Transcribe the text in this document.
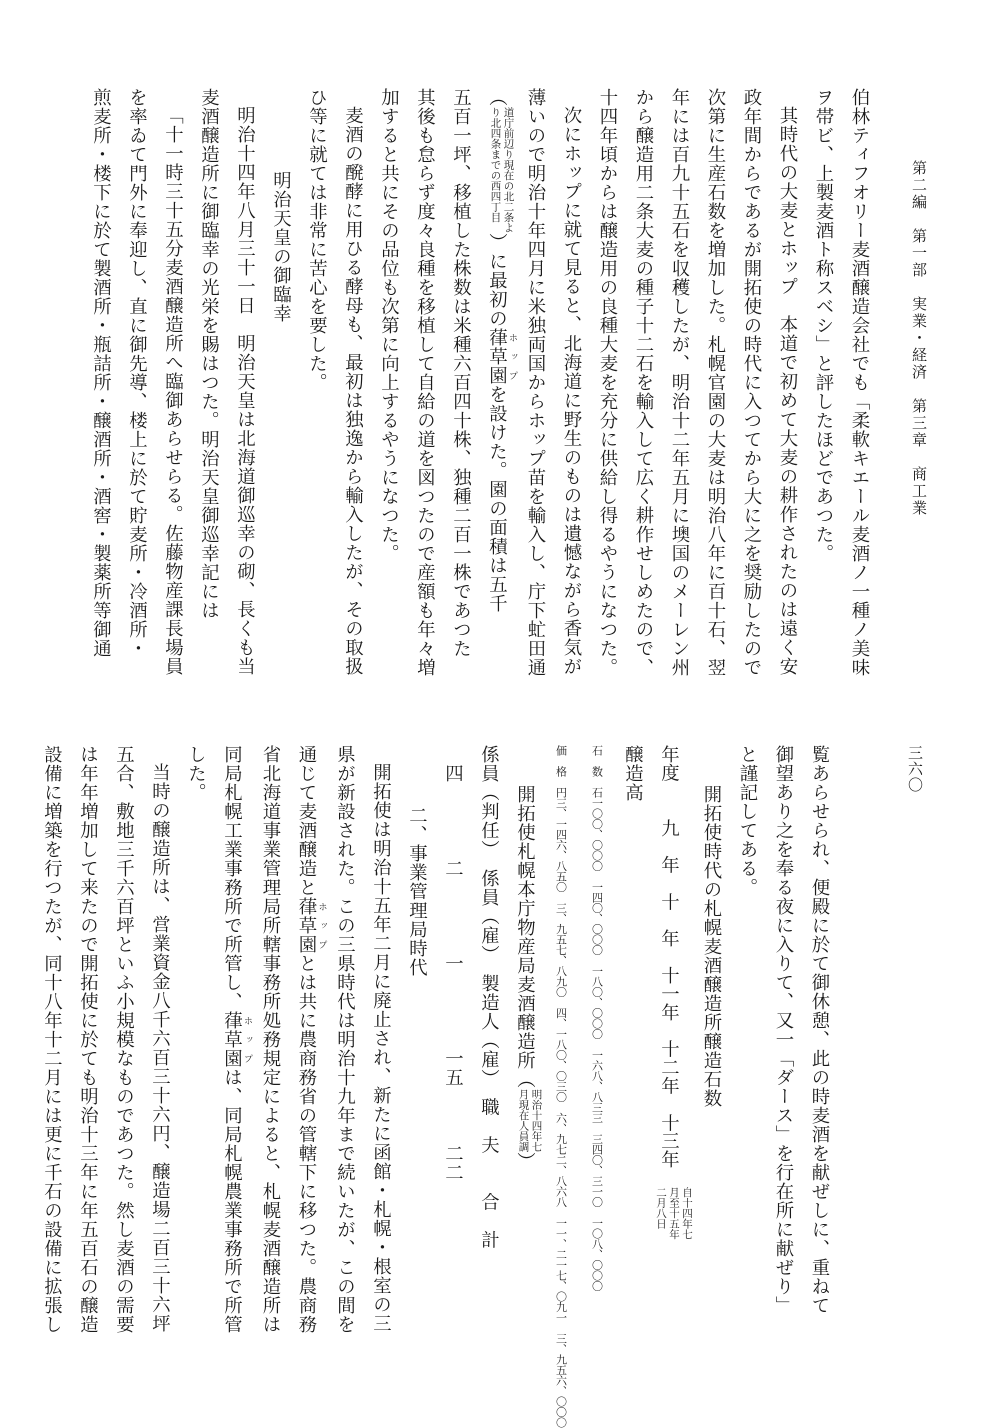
第二編　第一部　実業・経済　第三章　商工業
三六〇

伯林ティフオリー麦酒醸造会社でも「柔軟キエール麦酒ノ一種ノ美味

ヲ帯ビ、上製麦酒ト称スベシ」と評したほどであつた。

其時代の大麦とホップ　本道で初めて大麦の耕作されたのは遠く安

政年間からであるが開拓使の時代に入つてから大に之を奨励したので

次第に生産石数を増加した。札幌官園の大麦は明治八年に百十石、翌

年には百九十五石を収穫したが、明治十二年五月に墺国のメーレン州

から醸造用二条大麦の種子十二石を輸入して広く耕作せしめたので、

十四年頃からは醸造用の良種大麦を充分に供給し得るやうになつた。

次にホップに就て見ると、北海道に野生のものは遺憾ながら香気が

薄いので明治十年四月に米独両国からホップ苗を輸入し、庁下虻田通

（道庁前辺り現在の北二条よ
り北四条までの西四丁目）に最初の葎草園 ホップを設けた。園の面積は五千

五百一坪、移植した株数は米種六百四十株、独種二百一株であつた

其後も怠らず度々良種を移植して自給の道を図つたので産額も年々増

加すると共にその品位も次第に向上するやうになつた。

麦酒の醗酵に用ひる酵母も、最初は独逸から輸入したが、その取扱

ひ等に就ては非常に苦心を要した。

明治天皇の御臨幸

明治十四年八月三十一日　明治天皇は北海道御巡幸の砌、長くも当

麦酒醸造所に御臨幸の光栄を賜はつた。明治天皇御巡幸記には

「十一時三十五分麦酒醸造所へ臨御あらせらる。佐藤物産課長場員

を率ゐて門外に奉迎し、直に御先導、楼上に於て貯麦所・冷酒所・

煎麦所・楼下に於て製酒所・瓶詰所・醸酒所・酒窖・製薬所等御通

覧あらせられ、便殿に於て御休憩、此の時麦酒を献ぜしに、重ねて

御望あり之を奉る夜に入りて、又一「ダース」を行在所に献ぜり」

と謹記してある。

開拓使時代の札幌麦酒醸造所醸造石数

年度　　九　年　十　年　十一年　十二年　十三年　自十四年七
月至十五年
二月八日

醸造高

石　数　石一〇〇、〇〇〇　一四〇、〇〇〇　一八〇、〇〇〇　一六八、八三三　三四〇、三一〇　一〇八、〇〇〇

価　格　円三、一四六、八五〇　三、九五七、八九〇　四、一八〇、〇三〇　六、九七二、八六八　一一、二一七、〇九一　三、九五六、〇〇〇

開拓使札幌本庁物産局麦酒醸造所（明治十四年七
月現在人員調）

係員（判任）　係員（雇）　製造人（雇）　職　夫　　合　計

　四　　　　二　　　　一　　　　一五　　　二二

二、事業管理局時代

開拓使は明治十五年二月に廃止され、新たに函館・札幌・根室の三

県が新設された。この三県時代は明治十九年まで続いたが、この間を

通じて麦酒醸造と葎草園 ホップとは共に農商務省の管轄下に移つた。農商務

省北海道事業管理局所轄事務所処務規定によると、札幌麦酒醸造所は

同局札幌工業事務所で所管し、葎草園 ホップは、同局札幌農業事務所で所管

した。

当時の醸造所は、営業資金八千六百三十六円、醸造場二百三十六坪

五合、敷地三千六百坪といふ小規模なものであつた。然し麦酒の需要

は年年増加して来たので開拓使に於ても明治十三年に年五百石の醸造

設備に増築を行つたが、同十八年十二月には更に千石の設備に拡張し
